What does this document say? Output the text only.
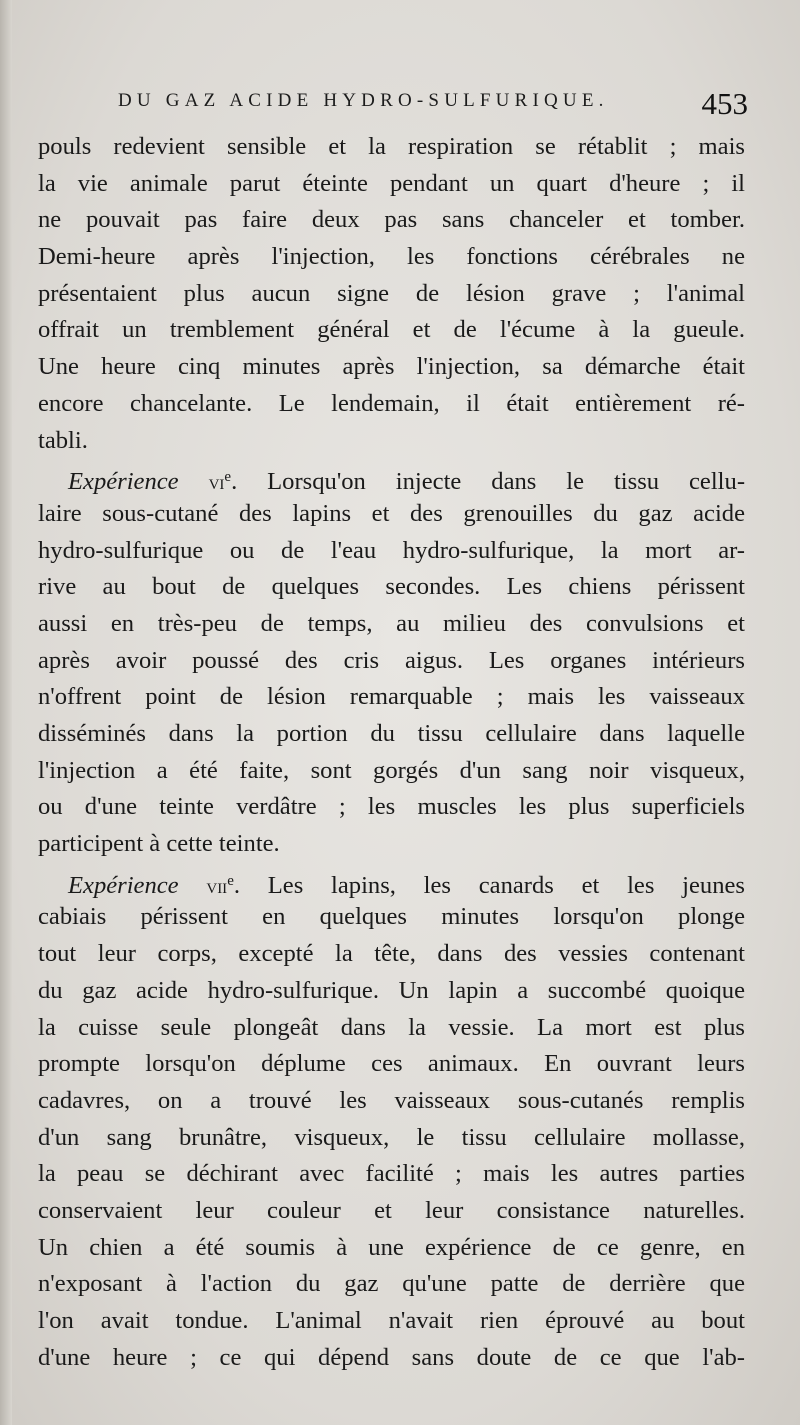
DU GAZ ACIDE HYDRO-SULFURIQUE.	453
pouls redevient sensible et la respiration se rétablit ; mais
la vie animale parut éteinte pendant un quart d'heure ; il
ne pouvait pas faire deux pas sans chanceler et tomber.
Demi-heure après l'injection, les fonctions cérébrales ne
présentaient plus aucun signe de lésion grave ; l'animal
offrait un tremblement général et de l'écume à la gueule.
Une heure cinq minutes après l'injection, sa démarche était
encore chancelante. Le lendemain, il était entièrement ré-
tabli.
Expérience $vi^e$. Lorsqu'on injecte dans le tissu cellu-
laire sous-cutané des lapins et des grenouilles du gaz acide
hydro-sulfurique ou de l'eau hydro-sulfurique, la mort ar-
rive au bout de quelques secondes. Les chiens périssent
aussi en très-peu de temps, au milieu des convulsions et
après avoir poussé des cris aigus. Les organes intérieurs
n'offrent point de lésion remarquable ; mais les vaisseaux
disséminés dans la portion du tissu cellulaire dans laquelle
l'injection a été faite, sont gorgés d'un sang noir visqueux,
ou d'une teinte verdâtre ; les muscles les plus superficiels
participent à cette teinte.
Expérience vii$^e$. Les lapins, les canards et les jeunes
cabiais périssent en quelques minutes lorsqu'on plonge
tout leur corps, excepté la tête, dans des vessies contenant
du gaz acide hydro-sulfurique. Un lapin a succombé quoique
la cuisse seule plongeât dans la vessie. La mort est plus
prompte lorsqu'on déplume ces animaux. En ouvrant leurs
cadavres, on a trouvé les vaisseaux sous-cutanés remplis
d'un sang brunâtre, visqueux, le tissu cellulaire mollasse,
la peau se déchirant avec facilité ; mais les autres parties
conservaient leur couleur et leur consistance naturelles.
Un chien a été soumis à une expérience de ce genre, en
n'exposant à l'action du gaz qu'une patte de derrière que
l'on avait tondue. L'animal n'avait rien éprouvé au bout
d'une heure ; ce qui dépend sans doute de ce que l'ab-
